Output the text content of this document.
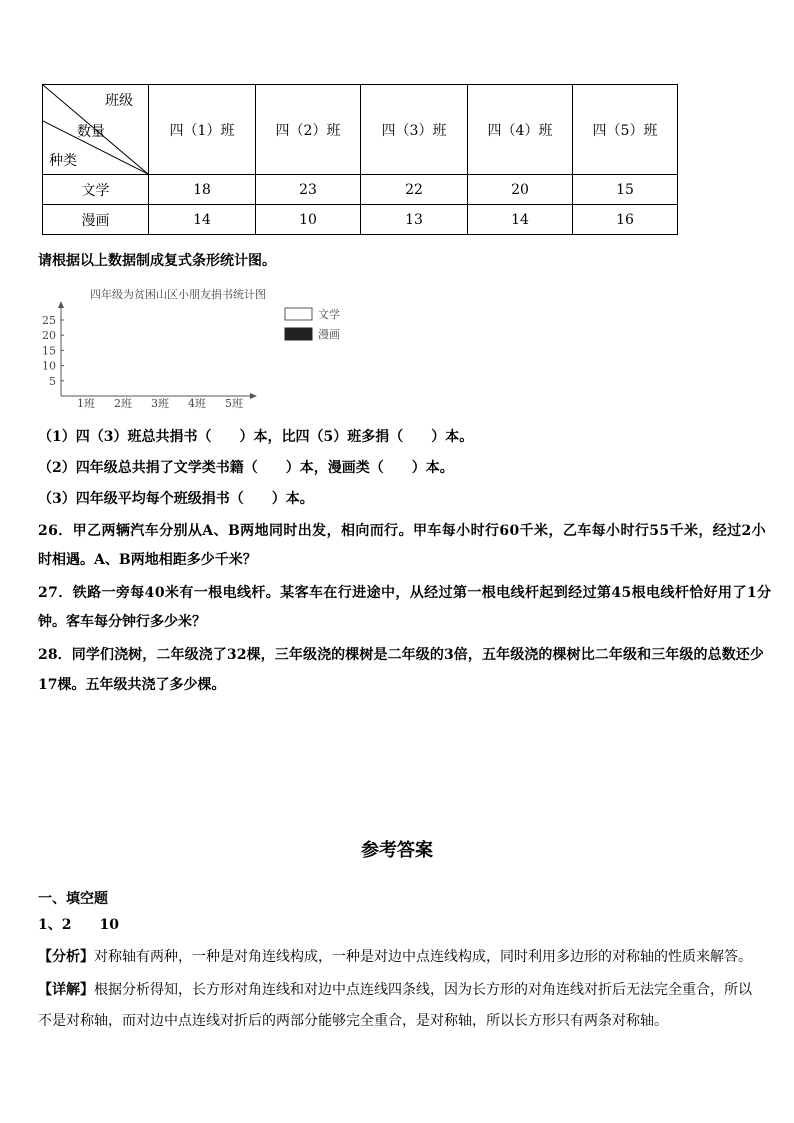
班级
数量
种类	四（1）班	四（2）班	四（3）班	四（4）班	四（5）班
文学	18	23	22	20	15
漫画	14	10	13	14	16
请根据以上数据制成复式条形统计图。
四年级为贫困山区小朋友捐书统计图
5
10
15
20
25
1班 2班 3班 4班 5班
文学
漫画
（1）四（3）班总共捐书（　　）本，比四（5）班多捐（　　）本。
（2）四年级总共捐了文学类书籍（　　）本，漫画类（　　）本。
（3）四年级平均每个班级捐书（　　）本。
26．甲乙两辆汽车分别从A、B两地同时出发，相向而行。甲车每小时行60千米，乙车每小时行55千米，经过2小
时相遇。A、B两地相距多少千米？
27．铁路一旁每40米有一根电线杆。某客车在行进途中，从经过第一根电线杆起到经过第45根电线杆恰好用了1分
钟。客车每分钟行多少米？
28．同学们浇树，二年级浇了32棵，三年级浇的棵树是二年级的3倍，五年级浇的棵树比二年级和三年级的总数还少
17棵。五年级共浇了多少棵。
参考答案
一、填空题
1、2　　10
【分析】对称轴有两种，一种是对角连线构成，一种是对边中点连线构成，同时利用多边形的对称轴的性质来解答。
【详解】根据分析得知，长方形对角连线和对边中点连线四条线，因为长方形的对角连线对折后无法完全重合，所以
不是对称轴，而对边中点连线对折后的两部分能够完全重合，是对称轴，所以长方形只有两条对称轴。
